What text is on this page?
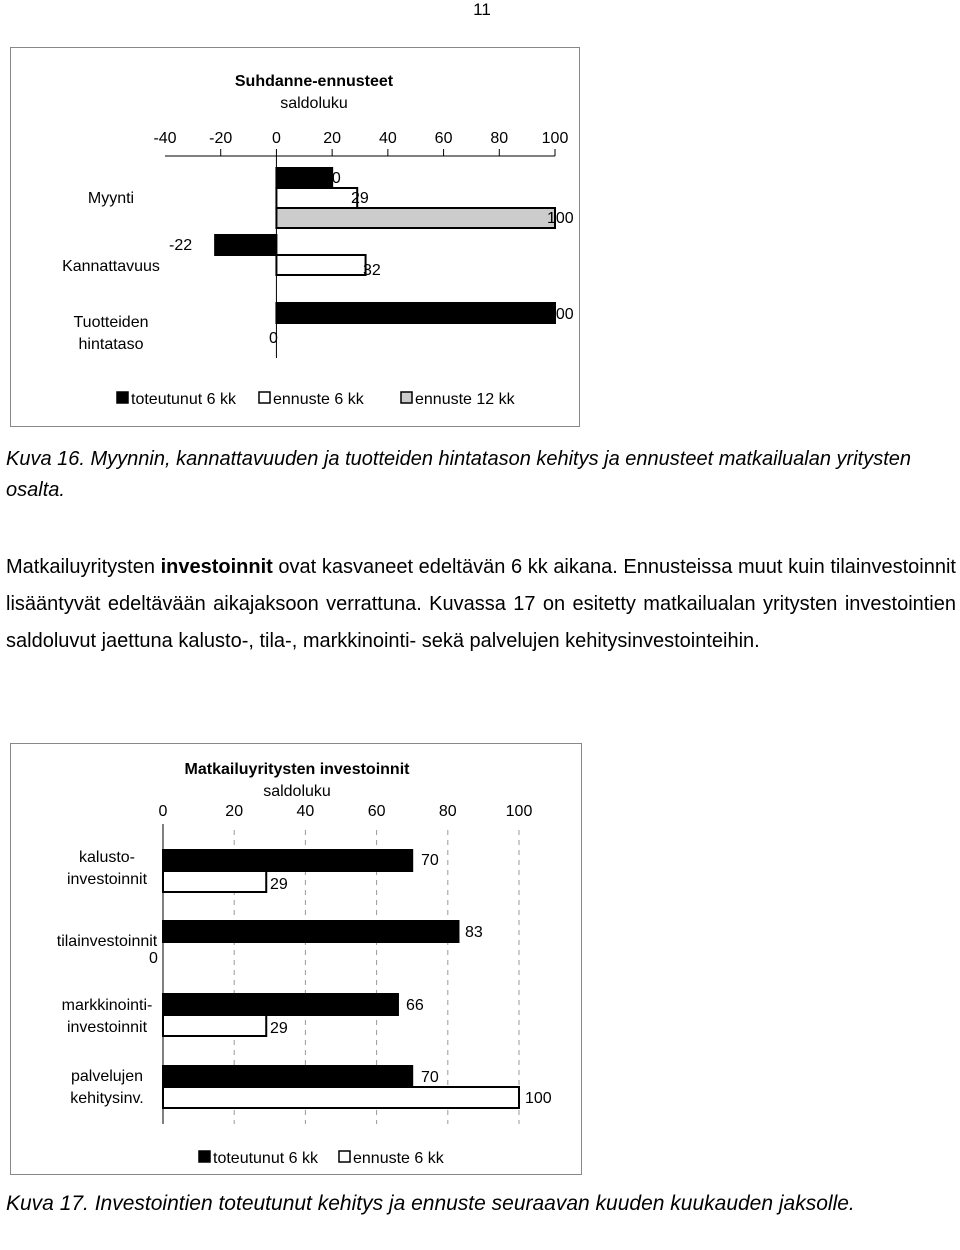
11
Suhdanne-ennusteet
saldoluku
-40 -20 0	20 40 60 80 100
Myynti
20
29
100
Kannattavuus
-22
32
Tuotteiden hintataso
100
0
toteutunut 6 kk ennuste 6 kk	ennuste 12 kk
Kuva 16. Myynnin, kannattavuuden ja tuotteiden hintatason kehitys ja ennusteet matkailualan yritysten osalta.
Matkailuyritysten investoinnit ovat kasvaneet edeltävän 6 kk aikana. Ennusteissa muut kuin tilainvestoinnit lisääntyvät edeltävään aikajaksoon verrattuna. Kuvassa 17 on esitetty matkailualan yritysten investointien saldoluvut jaettuna kalusto-, tila-, markkinointi- sekä palvelujen kehitysinvestointeihin.
Matkailuyritysten investoinnit
saldoluku
0	20	40	60	80	100
kalusto-investoinnit
70
29
tilainvestoinnit
83
0
markkinointi-investoinnit
66
29
palvelujen kehitysinv.
70
100
toteutunut 6 kk ennuste 6 kk
Kuva 17. Investointien toteutunut kehitys ja ennuste seuraavan kuuden kuukauden jaksolle.
